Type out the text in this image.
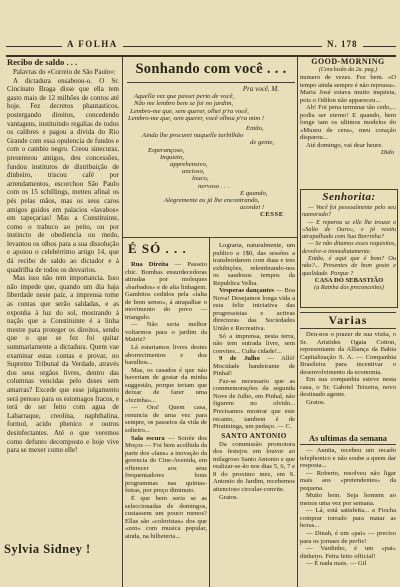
A FOLHA	N. 178
Recibo de saldo . . .

Palavras do «Correio de São Paulo»:

A dictadura ensaboou-o. O Sr. Cincinato Braga disse que ella tem gasto mais de 12 milhões de contos até hoje. Fez decretos phantasticos, postergando direitos, concedendo vantagens, instituindo regalias de todos os calibres e pagou a divida do Rio Grande com essa opulencia de fundos e com o cambio negro. Creou sinecuras, presenteou amigos, deu concessões, fundou institutos de distribuição de dinheiro, triscou café por arrendamentos, escorchou São Paulo com os 15 schillings, metteu afinal os pés pelas mãos, mas os seus caros amigos guidos em palacios «lavabos» em tapeçarias! Mas a Constituinte, como o trabuco ao peito, ou por instincto de obediencia ou medo, levantou os olhos para a sua dissolução e apoiou o celebérrimo artigo 14, que dá recibo de saldo ao dictador e á quadrilha de todos os desvarios.

Mas isso não tem importancia. Isso não impede que, quando um dia haja liberdade neste paiz, a imprensa tome as contas que serão saldadas, e as exponha á luz do sol, mostrando á nação que a Constituinte é a linha mestre para proteger os direitos, sendo que o que se fez foi quitar summariamente a dictadura. Quem vae examinar estas contas e provar, no Supremo Tribunal da Verdade, através dos seus orgãos livres, dentro das columnas vencidas pelo deses sem amarras? Excede que esse julgamento será penoso para os estomagos fracos, e terá de ser feito com agua de Labarraque, creolina, naphthalina, formol, acido phenico e outros desinfectantes. Até o que veremos como defunto decomposto e hoje vive para se mexer como elle!

Sylvia Sidney !
Sonhando com você . . .
Pra você, M.
Aquella vez que passei perto de você,
Não me lembro bem se foi no jardim,
Lembro-me que, sem querer, olhei p'ra você,
Lembro-me que, sem querer, você olhou p'ra mim !
Então,
Ainda lhe procurei naquelle turbilhão
de gente,
Esperançoso,
Inquieto,
apprehensivo,
ancioso,
louco,
nervoso . . .
E quando,
Alegremente eu já lhe encontrando,
acordei !
CESSE
É SÓ . . .

Rua Direita — Passeio chic. Bombas ensurdecedoras atiradas por moleques «barbados» e de alta linhagem. Gambitos cedidos pela «falta de bom senso», á atrapalhar o movimento do povo — triangulo.

— Não seria melhor voltarmos para o jardim da Matriz?

Lá estariamos livres destes aborrecimentos e dos barulhos...

Mas, os casados é que não haveriam de gostar da minha suggestão, porque teriam que deixar de fazer uma «fezinha»...

— Ora! Quem casa, renuncia de uma vez para sempre, os passeios da vida de solteiro...

Sala escura — Soirée dos Moços — Foi bem acolhida da parte dos «fans» a inovação da gerencia do Cine-Avenida, em offerecer aos seus frequentadores bons programmas nas quintas-feiras, por preço diminuto.

É que bem seria se as seleccionadas de domingos, custassem um pouco menos? Ellas são «coloristas» dos que «zen» com musica popular, ainda, na bilheteria...

Lograria, naturalmente, um publico a 1$0, das sessões a transbordarem com duas e tres exhibições, relembrando-nos os saudosos tempos da Republica Velha.

Vesperas dançantes — Boa Nova! Desejamos longa vida a esta feliz iniciativa das progressistas e activas directoras das Sociedades União e Recreativa.

Só a imprensa, nesta terra, não tem entrada livre, sem convites... Culta cidade!...

9 de Julho — Alló! Mocidade bandeirante de Pinhal!

Faz-se necessario que as commemorações da segunda Nove de Julho, em Pinhal, não figurem no olvido... Precisamos mostrar que este recanto, tambem é de Piratininga, um pedaço. — C.

SANTO ANTONIO

Da commissão promotora dos festejos em louvor ao milagroso Santo Antonio e que realizar-se-ão nos dias 5, 6, 7 e 8 do proximo mez, em S. Antonio do Jardim, recebemos attencioso circular-convite.

Gratos.

GOOD-MORNING
(Conclusão da 2a. pag.)

numero de vezes. Fez bem. «O tempo ainda sempre é não repousa». Maria José estava muito inquieta, pois o Odilon não appareceu...

Ah! Foi pena terminar tão cedo,... podia ser eterno! E quando, bem longe iam os ultimos modelos do «Museu de cera», meu coração disparou...

Até domingo, vai dear heure.

Dido
Senhorita:

— Você foi pessoalmente pelo seu namorado?

— E reparou se elle lhe trouxe o «Salto de Ouro», e já vestiu atrapalhado com Sua Borrinha?

— Se não ditamos esses requisitos, devolve-o immediatamente.

Então, é aqui que é bom? Ou não?... Presentes de bom gosto e qualidade. Porque ?

CASA DO SEBASTIÃO

(a Rainha dos preconceitos)

Varias

Deu-nos o prazer de sua visita, o Sr. Aristides Ogata Cotton, representante da Alliança da Bahia Capitalização S. A. — Companhia Brasileira para incentivar o desenvolvimento da economia.

Em sua companhia esteve nesta casa, o Sr. Gabriel Teixeira, novo destinado agente.

Gratos.

As ultimas da semana

— Annita, recebeu um recado telephonico e não soube a quem dar resposta...

— Roberto, resolveu não ligar mais aos «pretendentes» da pequena.

Muito bem. Seja homem ao menos uma vez por semana.

— Lá, está satisfeita... a Fiocha comprar torrado para matar as horas...

— Dinah, é um «pai» — preciso para os jornaes de perfis!

— Vardinho, é um «pai» dinheiro. Feira feito official!

— É nada mais. — Gil
